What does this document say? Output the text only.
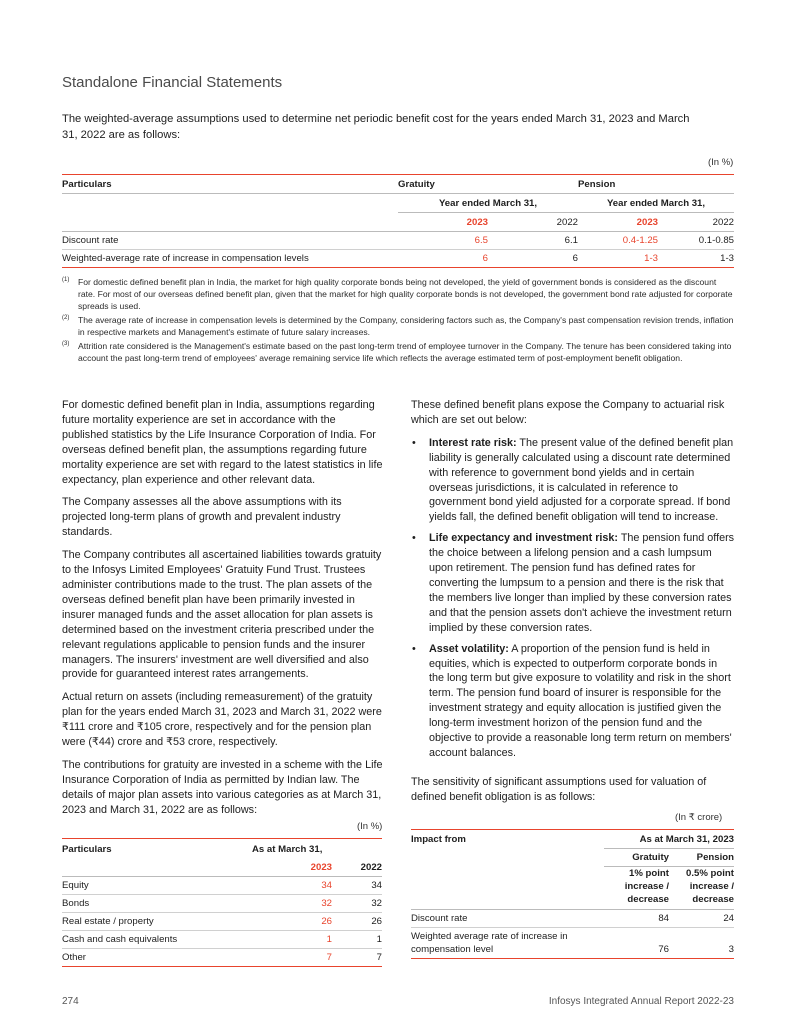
Standalone Financial Statements
The weighted-average assumptions used to determine net periodic benefit cost for the years ended March 31, 2023 and March 31, 2022 are as follows:
(In %)
Particulars	Gratuity		Pension	
	Year ended March 31,		Year ended March 31,	
	2023	2022	2023	2022
Discount rate	6.5	6.1	0.4-1.25	0.1-0.85
Weighted-average rate of increase in compensation levels	6	6	1-3	1-3
(1)	For domestic defined benefit plan in India, the market for high quality corporate bonds being not developed, the yield of government bonds is considered as the discount rate. For most of our overseas defined benefit plan, given that the market for high quality corporate bonds is not developed, the government bond rate adjusted for corporate spreads is used.
(2)	The average rate of increase in compensation levels is determined by the Company, considering factors such as, the Company's past compensation revision trends, inflation in respective markets and Management's estimate of future salary increases.
(3)	Attrition rate considered is the Management's estimate based on the past long-term trend of employee turnover in the Company. The tenure has been considered taking into account the past long-term trend of employees' average remaining service life which reflects the average estimated term of post-employment benefit obligation.

For domestic defined benefit plan in India, assumptions regarding future mortality experience are set in accordance with the published statistics by the Life Insurance Corporation of India. For overseas defined benefit plan, the assumptions regarding future mortality experience are set with regard to the latest statistics in life expectancy, plan experience and other relevant data.

The Company assesses all the above assumptions with its projected long-term plans of growth and prevalent industry standards.

The Company contributes all ascertained liabilities towards gratuity to the Infosys Limited Employees' Gratuity Fund Trust. Trustees administer contributions made to the trust. The plan assets of the overseas defined benefit plan have been primarily invested in insurer managed funds and the asset allocation for plan assets is determined based on the investment criteria prescribed under the relevant regulations applicable to pension funds and the insurer managers. The insurers' investment are well diversified and also provide for guaranteed interest rates arrangements.

Actual return on assets (including remeasurement) of the gratuity plan for the years ended March 31, 2023 and March 31, 2022 were ₹111 crore and ₹105 crore, respectively and for the pension plan were (₹44) crore and ₹53 crore, respectively.

The contributions for gratuity are invested in a scheme with the Life Insurance Corporation of India as permitted by Indian law. The details of major plan assets into various categories as at March 31, 2023 and March 31, 2022 are as follows:

These defined benefit plans expose the Company to actuarial risk which are set out below:

• Interest rate risk: The present value of the defined benefit plan liability is generally calculated using a discount rate determined with reference to government bond yields and in certain overseas jurisdictions, it is calculated in reference to government bond yield adjusted for a corporate spread. If bond yields fall, the defined benefit obligation will tend to increase.
• Life expectancy and investment risk: The pension fund offers the choice between a lifelong pension and a cash lumpsum upon retirement. The pension fund has defined rates for converting the lumpsum to a pension and there is the risk that the members live longer than implied by these conversion rates and that the pension assets don't achieve the investment return implied by these conversion rates.
• Asset volatility: A proportion of the pension fund is held in equities, which is expected to outperform corporate bonds in the long term but give exposure to volatility and risk in the short term. The pension fund board of insurer is responsible for the investment strategy and equity allocation is justified given the long-term investment horizon of the pension fund and the objective to provide a reasonable long term return on members' account balances.

The sensitivity of significant assumptions used for valuation of defined benefit obligation is as follows:

(In %)
Particulars	As at March 31,	
	2023	2022
Equity	34	34
Bonds	32	32
Real estate / property	26	26
Cash and cash equivalents	1	1
Other	7	7
(In ₹ crore)
Impact from	As at March 31, 2023	
	Gratuity	Pension
	1% point
increase /
decrease	0.5% point
increase /
decrease
Discount rate	84	24
Weighted average rate of increase in compensation level	76	3
274	Infosys Integrated Annual Report 2022-23
